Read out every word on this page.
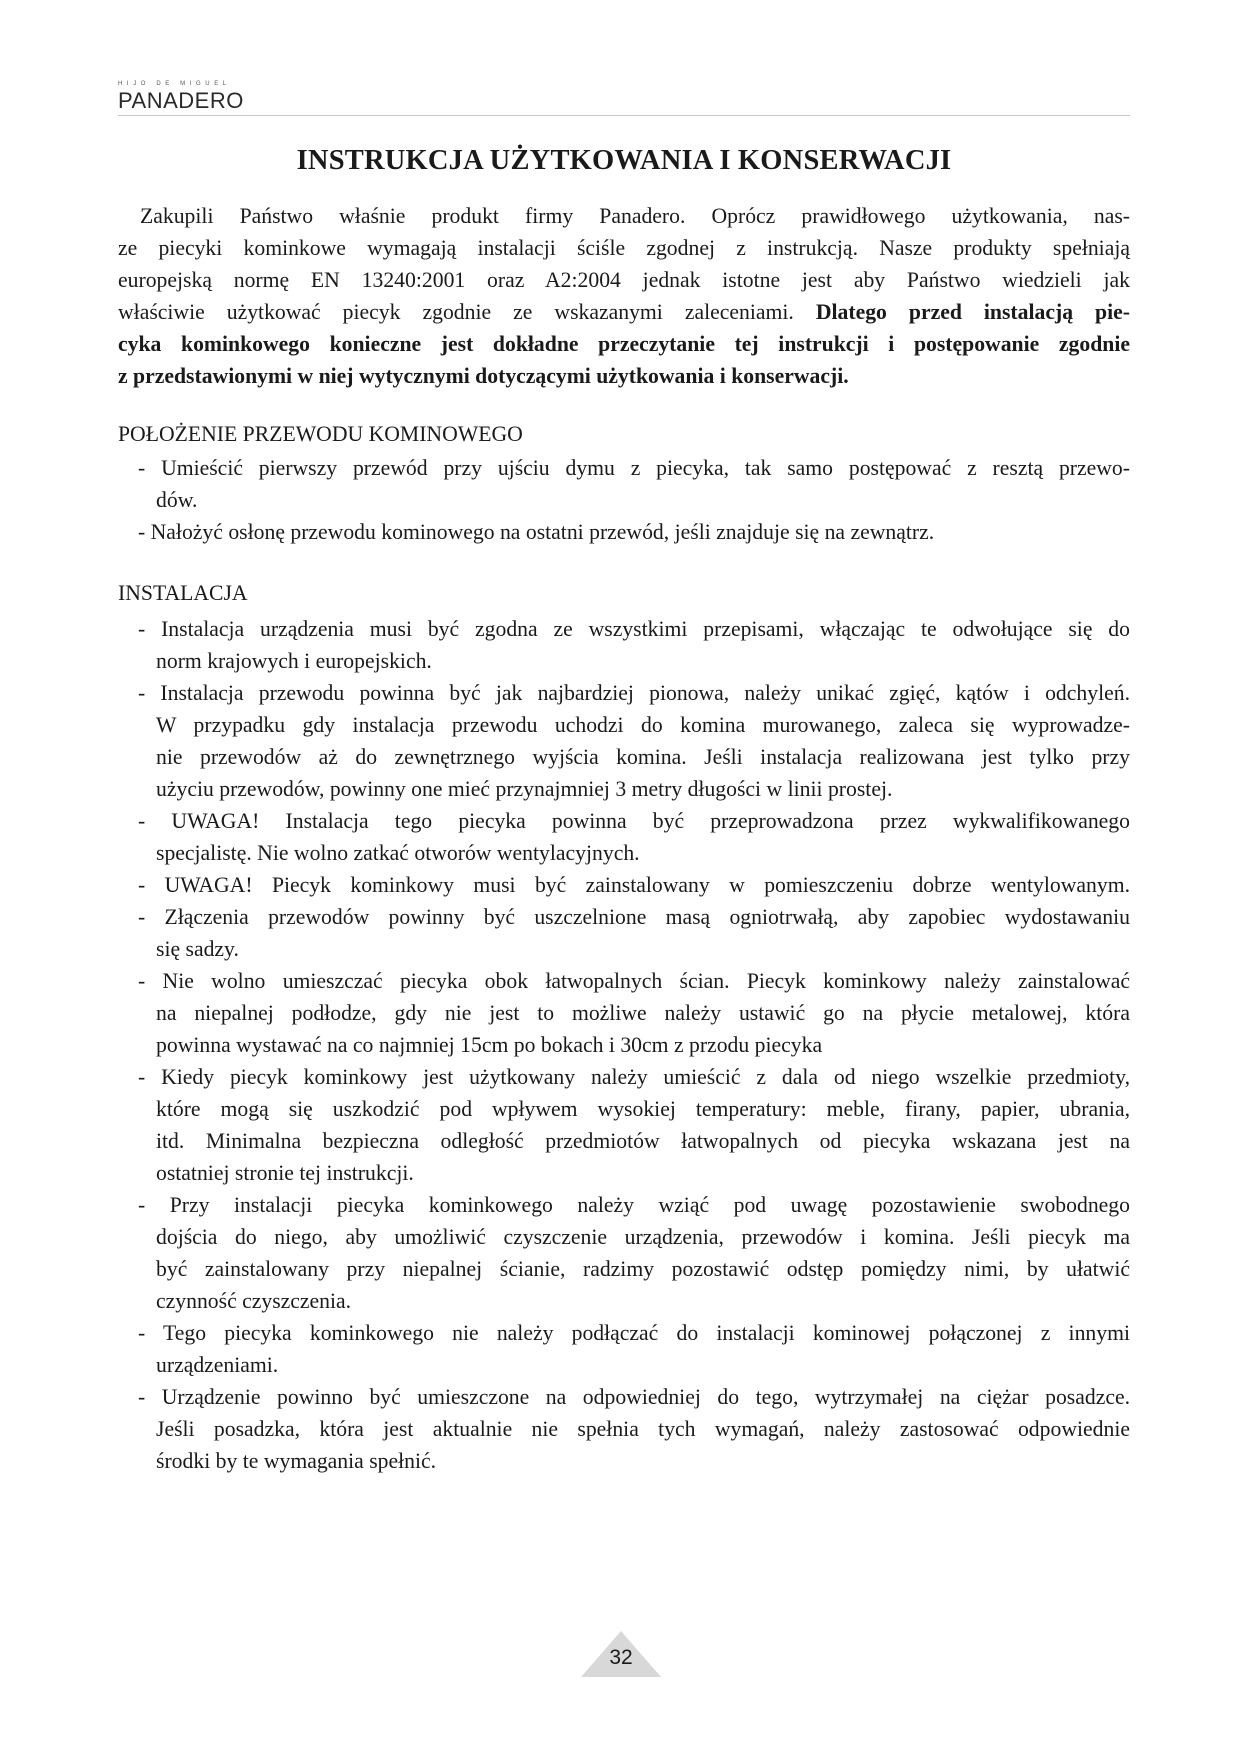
HIJO DE MIGUEL
PANADERO
INSTRUKCJA UŻYTKOWANIA I KONSERWACJI
Zakupili Państwo właśnie produkt firmy Panadero. Oprócz prawidłowego użytkowania, nas-
ze piecyki kominkowe wymagają instalacji ściśle zgodnej z instrukcją. Nasze produkty spełniają
europejską normę EN 13240:2001 oraz A2:2004 jednak istotne jest aby Państwo wiedzieli jak
właściwie użytkować piecyk zgodnie ze wskazanymi zaleceniami. Dlatego przed instalacją pie-
cyka kominkowego konieczne jest dokładne przeczytanie tej instrukcji i postępowanie zgodnie
z przedstawionymi w niej wytycznymi dotyczącymi użytkowania i konserwacji.
POŁOŻENIE PRZEWODU KOMINOWEGO
- Umieścić pierwszy przewód przy ujściu dymu z piecyka, tak samo postępować z resztą przewo-
dów.
- Nałożyć osłonę przewodu kominowego na ostatni przewód, jeśli znajduje się na zewnątrz.
INSTALACJA
- Instalacja urządzenia musi być zgodna ze wszystkimi przepisami, włączając te odwołujące się do
norm krajowych i europejskich.
- Instalacja przewodu powinna być jak najbardziej pionowa, należy unikać zgięć, kątów i odchyleń.
W przypadku gdy instalacja przewodu uchodzi do komina murowanego, zaleca się wyprowadze-
nie przewodów aż do zewnętrznego wyjścia komina. Jeśli instalacja realizowana jest tylko przy
użyciu przewodów, powinny one mieć przynajmniej 3 metry długości w linii prostej.
- UWAGA! Instalacja tego piecyka powinna być przeprowadzona przez wykwalifikowanego
specjalistę. Nie wolno zatkać otworów wentylacyjnych.
- UWAGA! Piecyk kominkowy musi być zainstalowany w pomieszczeniu dobrze wentylowanym.
- Złączenia przewodów powinny być uszczelnione masą ogniotrwałą, aby zapobiec wydostawaniu
się sadzy.
- Nie wolno umieszczać piecyka obok łatwopalnych ścian. Piecyk kominkowy należy zainstalować
na niepalnej podłodze, gdy nie jest to możliwe należy ustawić go na płycie metalowej, która
powinna wystawać na co najmniej 15cm po bokach i 30cm z przodu piecyka
- Kiedy piecyk kominkowy jest użytkowany należy umieścić z dala od niego wszelkie przedmioty,
które mogą się uszkodzić pod wpływem wysokiej temperatury: meble, firany, papier, ubrania,
itd. Minimalna bezpieczna odległość przedmiotów łatwopalnych od piecyka wskazana jest na
ostatniej stronie tej instrukcji.
- Przy instalacji piecyka kominkowego należy wziąć pod uwagę pozostawienie swobodnego
dojścia do niego, aby umożliwić czyszczenie urządzenia, przewodów i komina. Jeśli piecyk ma
być zainstalowany przy niepalnej ścianie, radzimy pozostawić odstęp pomiędzy nimi, by ułatwić
czynność czyszczenia.
- Tego piecyka kominkowego nie należy podłączać do instalacji kominowej połączonej z innymi
urządzeniami.
- Urządzenie powinno być umieszczone na odpowiedniej do tego, wytrzymałej na ciężar posadzce.
Jeśli posadzka, która jest aktualnie nie spełnia tych wymagań, należy zastosować odpowiednie
środki by te wymagania spełnić.
32
